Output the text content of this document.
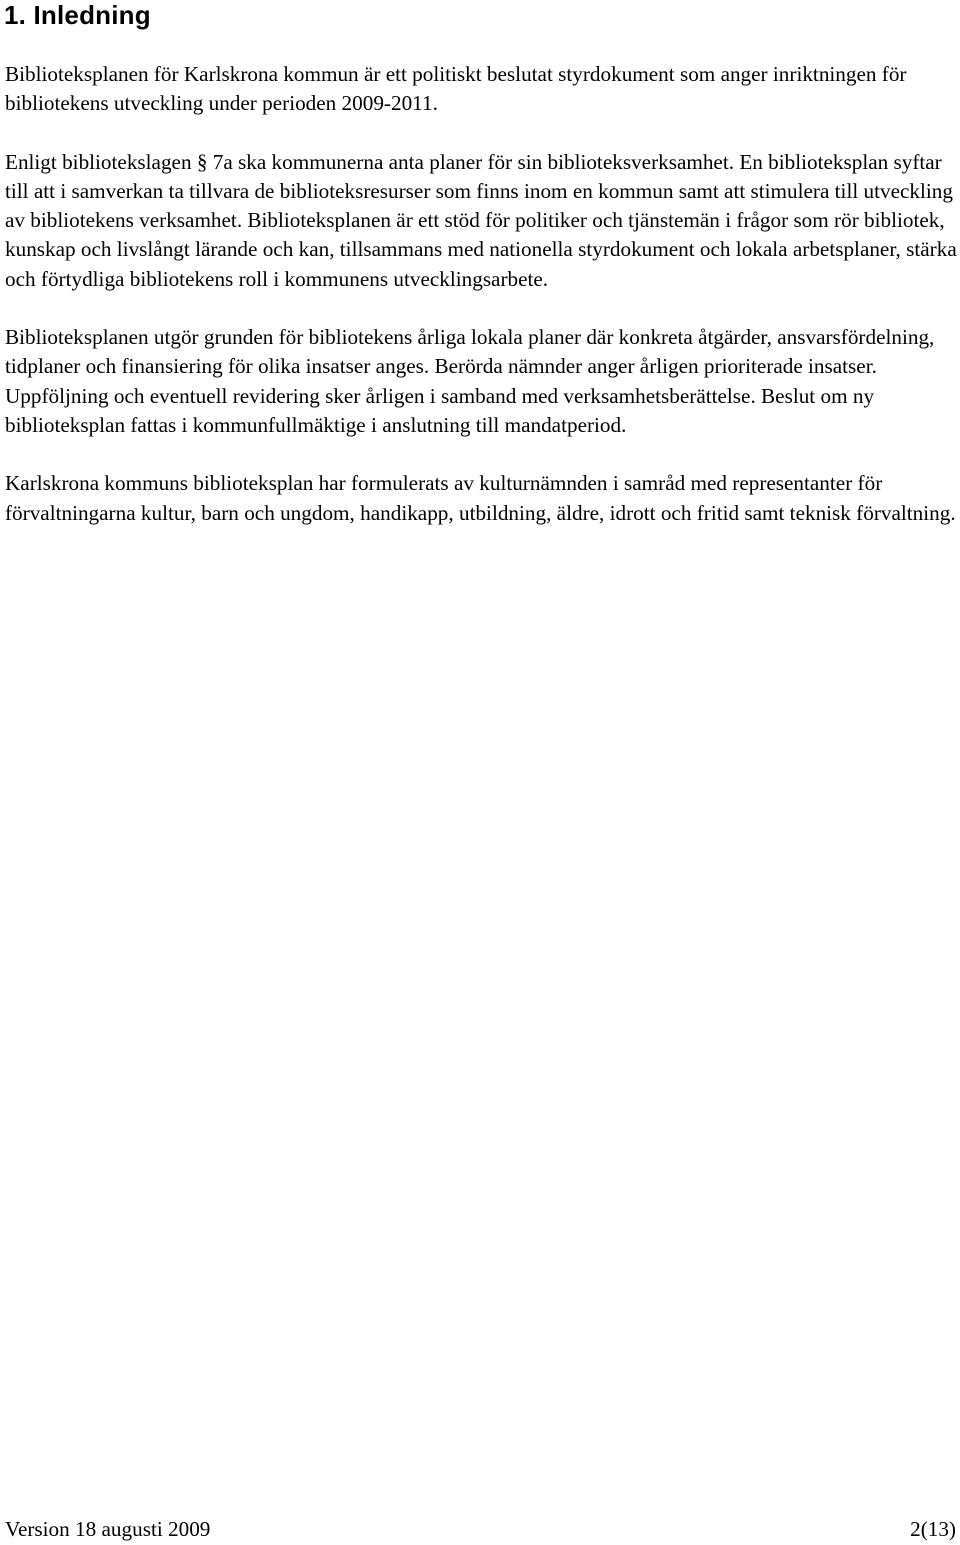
1. Inledning

Biblioteksplanen för Karlskrona kommun är ett politiskt beslutat styrdokument som anger inriktningen för bibliotekens utveckling under perioden 2009-2011.

Enligt bibliotekslagen § 7a ska kommunerna anta planer för sin biblioteksverksamhet. En biblioteksplan syftar till att i samverkan ta tillvara de biblioteksresurser som finns inom en kommun samt att stimulera till utveckling av bibliotekens verksamhet. Biblioteksplanen är ett stöd för politiker och tjänstemän i frågor som rör bibliotek, kunskap och livslångt lärande och kan, tillsammans med nationella styrdokument och lokala arbetsplaner, stärka och förtydliga bibliotekens roll i kommunens utvecklingsarbete.

Biblioteksplanen utgör grunden för bibliotekens årliga lokala planer där konkreta åtgärder, ansvarsfördelning, tidplaner och finansiering för olika insatser anges. Berörda nämnder anger årligen prioriterade insatser. Uppföljning och eventuell revidering sker årligen i samband med verksamhetsberättelse. Beslut om ny biblioteksplan fattas i kommunfullmäktige i anslutning till mandatperiod.

Karlskrona kommuns biblioteksplan har formulerats av kulturnämnden i samråd med representanter för förvaltningarna kultur, barn och ungdom, handikapp, utbildning, äldre, idrott och fritid samt teknisk förvaltning.

Version 18 augusti 2009	2(13)
